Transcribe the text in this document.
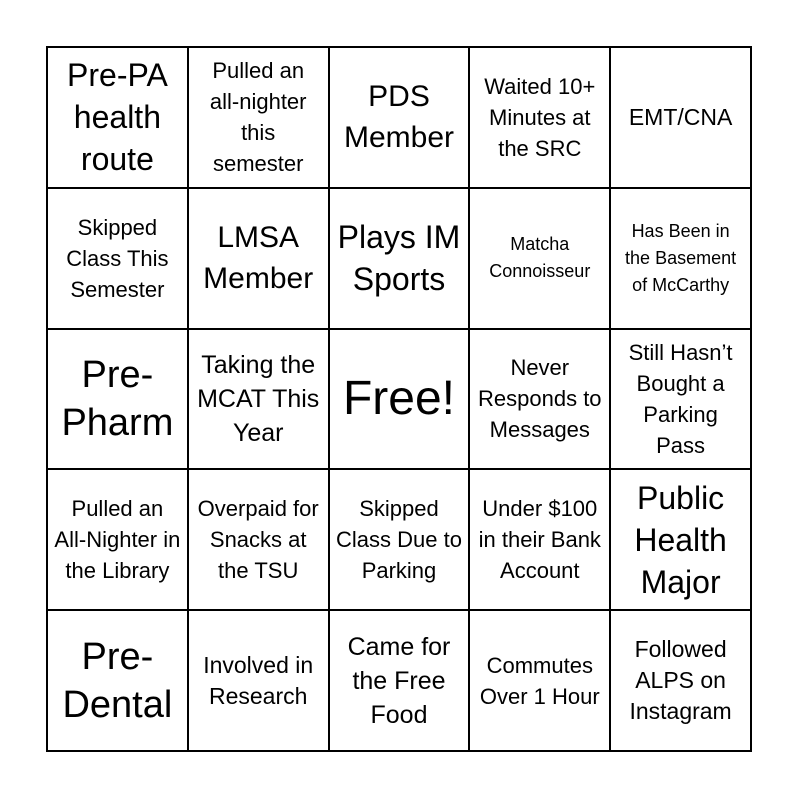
Pre-PA health route
Pulled an all-nighter this semester
PDS Member
Waited 10+ Minutes at the SRC
EMT/CNA
Skipped Class This Semester
LMSA Member
Plays IM Sports
Matcha Connoisseur
Has Been in the Basement of McCarthy
Pre-Pharm
Taking the MCAT This Year
Free!
Never Responds to Messages
Still Hasn’t Bought a Parking Pass
Pulled an All-Nighter in the Library
Overpaid for Snacks at the TSU
Skipped Class Due to Parking
Under $100 in their Bank Account
Public Health Major
Pre-Dental
Involved in Research
Came for the Free Food
Commutes Over 1 Hour
Followed ALPS on Instagram
